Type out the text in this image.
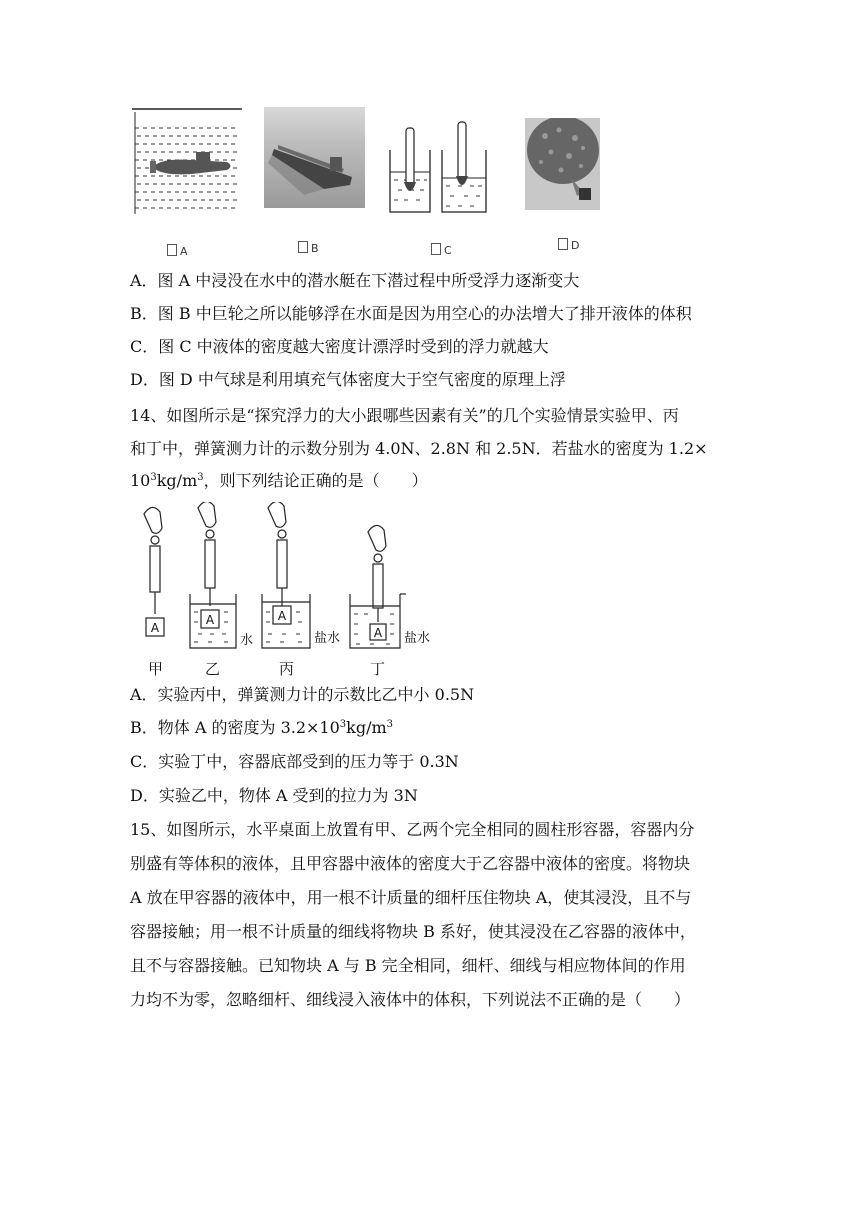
A	B	C	D
A．图 A 中浸没在水中的潜水艇在下潜过程中所受浮力逐渐变大
B．图 B 中巨轮之所以能够浮在水面是因为用空心的办法增大了排开液体的体积
C．图 C 中液体的密度越大密度计漂浮时受到的浮力就越大
D．图 D 中气球是利用填充气体密度大于空气密度的原理上浮
14、如图所示是“探究浮力的大小跟哪些因素有关”的几个实验情景实验甲、丙
和丁中，弹簧测力计的示数分别为 4.0N、2.8N 和 2.5N．若盐水的密度为 1.2×
$10^3kg/m^3$，则下列结论正确的是（　　）
A
A	A
A
水	盐水	盐水
甲	乙	丙	丁
A．实验丙中，弹簧测力计的示数比乙中小 0.5N
B．物体 A 的密度为 $3.2\times 10^3kg/m^3$
C．实验丁中，容器底部受到的压力等于 0.3N
D．实验乙中，物体 A 受到的拉力为 3N
15、如图所示，水平桌面上放置有甲、乙两个完全相同的圆柱形容器，容器内分
别盛有等体积的液体，且甲容器中液体的密度大于乙容器中液体的密度。将物块
A 放在甲容器的液体中，用一根不计质量的细杆压住物块 A，使其浸没，且不与
容器接触；用一根不计质量的细线将物块 B 系好，使其浸没在乙容器的液体中，
且不与容器接触。已知物块 A 与 B 完全相同，细杆、细线与相应物体间的作用
力均不为零，忽略细杆、细线浸入液体中的体积，下列说法不正确的是（　　）
